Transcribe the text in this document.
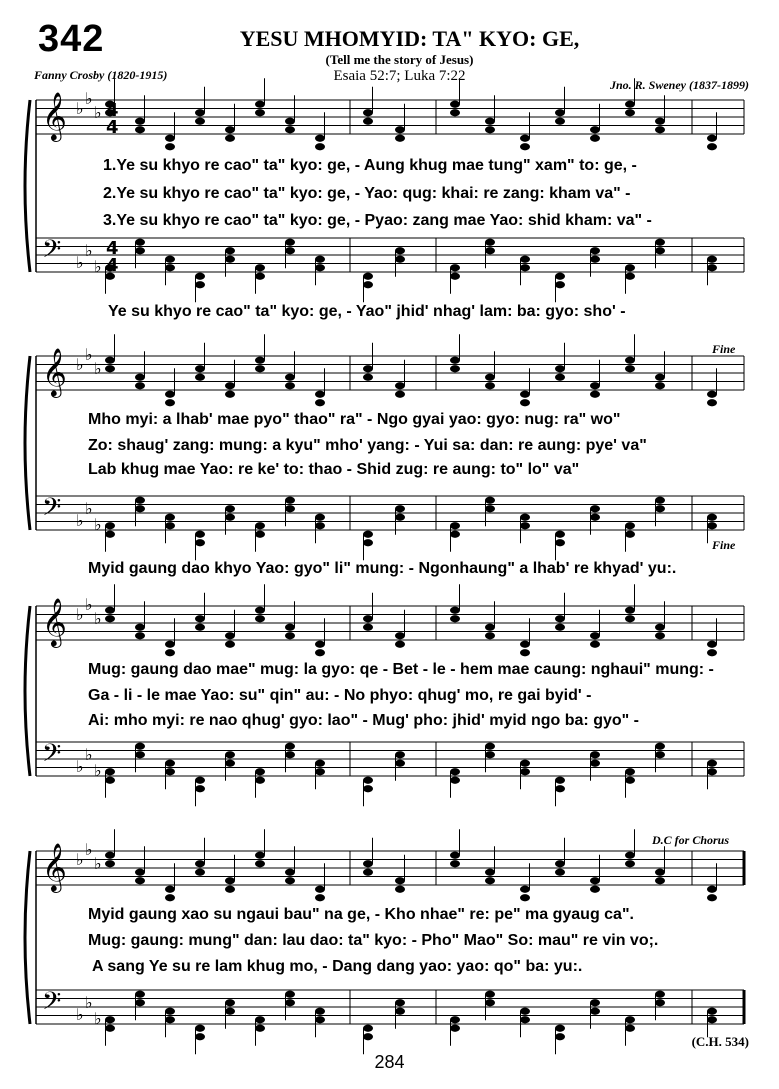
342	YESU MHOMYID: TA" KYO: GE,
(Tell me the story of Jesus)
Esaia 52:7; Luka 7:22
Fanny Crosby (1820-1915)
Jno. R. Sweney (1837-1899)
𝄞 ♭
♭
♭
𝄢 ♭
♭
♭
4
4
4
4
𝄞 ♭
♭
♭
𝄢 ♭
♭
♭
𝄞 ♭
♭
♭
𝄢 ♭
♭
♭
𝄞 ♭
♭
♭
𝄢 ♭
♭
♭
1.Ye su khyo re cao" ta" kyo: ge, - Aung khug mae tung" xam" to: ge, -
2.Ye su khyo re cao" ta" kyo: ge, - Yao: qug: khai: re zang: kham va" -
3.Ye su khyo re cao" ta" kyo: ge, - Pyao: zang mae Yao: shid kham: va" -
Ye su khyo re cao" ta" kyo: ge, - Yao" jhid' nhag' lam: ba: gyo: sho' -
Mho myi: a lhab' mae pyo" thao" ra" - Ngo gyai yao: gyo: nug: ra" wo"
Zo: shaug' zang: mung: a kyu" mho' yang: - Yui sa: dan: re aung: pye' va"
Lab khug mae Yao: re ke' to: thao - Shid zug: re aung: to" lo" va"
Myid gaung dao khyo Yao: gyo" li" mung: - Ngonhaung" a lhab' re khyad' yu:.
Mug: gaung dao mae" mug: la gyo: qe - Bet - le - hem mae caung: nghaui" mung: -
Ga - li - le mae Yao: su" qin" au: - No phyo: qhug' mo, re gai byid' -
Ai: mho myi: re nao qhug' gyo: lao" - Mug' pho: jhid' myid ngo ba: gyo" -
Myid gaung xao su ngaui bau" na ge, - Kho nhae" re: pe" ma gyaug ca".
Mug: gaung: mung" dan: lau dao: ta" kyo: - Pho" Mao" So: mau" re vin vo;.
A sang Ye su re lam khug mo, - Dang dang yao: yao: qo" ba: yu:.
Fine
Fine
D.C for Chorus
(C.H. 534)
284
